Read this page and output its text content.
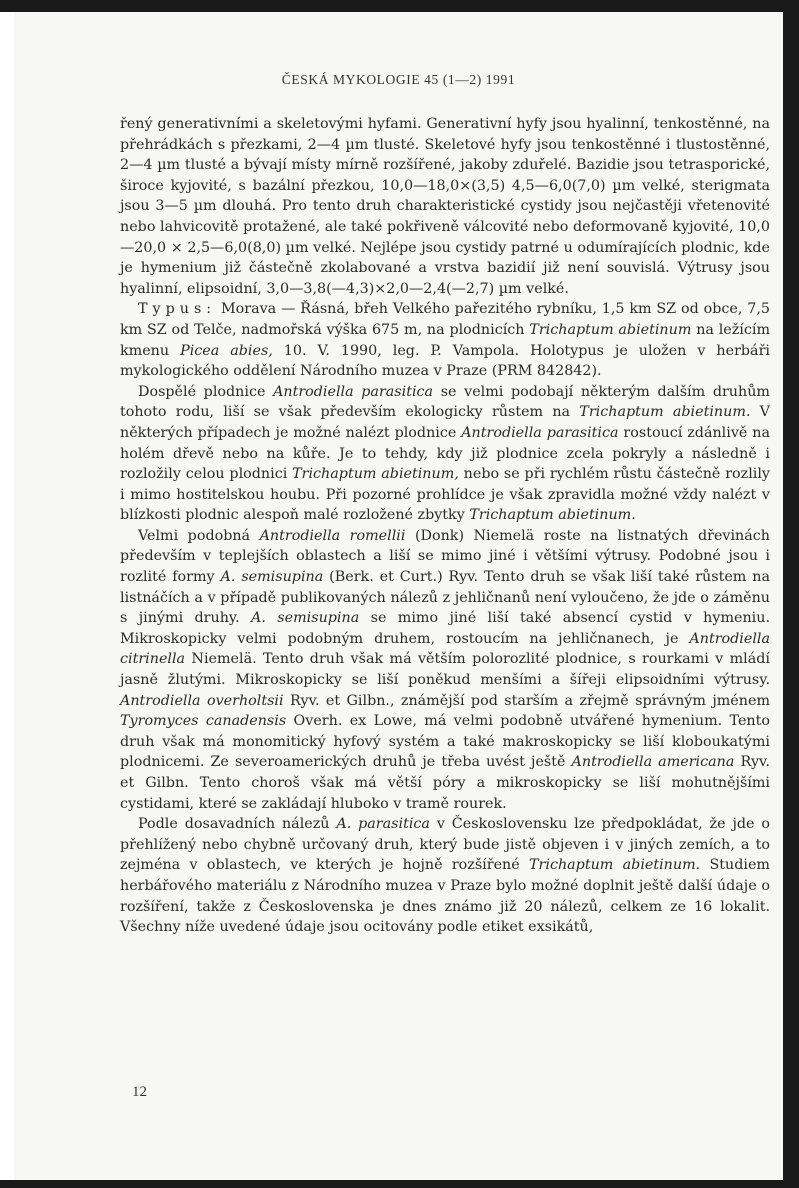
ČESKÁ MYKOLOGIE 45 (1—2) 1991

řený generativními a skeletovými hyfami. Generativní hyfy jsou hyalinní, tenkostěnné, na přehrádkách s přezkami, 2—4 µm tlusté. Skeletové hyfy jsou tenkostěnné i tlustostěnné, 2—4 µm tlusté a bývají místy mírně rozšířené, jakoby zduřelé. Bazidie jsou tetrasporické, široce kyjovité, s bazální přezkou, 10,0—18,0×(3,5) 4,5—6,0(7,0) µm velké, sterigmata jsou 3—5 µm dlouhá. Pro tento druh charakteristické cystidy jsou nejčastěji vřetenovité nebo lahvicovitě protažené, ale také pokřiveně válcovité nebo deformovaně kyjovité, 10,0—20,0 × 2,5—6,0(8,0) µm velké. Nejlépe jsou cystidy patrné u odumírajících plodnic, kde je hymenium již částečně zkolabované a vrstva bazidií již není souvislá. Výtrusy jsou hyalinní, elipsoidní, 3,0—3,8(—4,3)×2,0—2,4(—2,7) µm velké.

Typus: Morava — Řásná, břeh Velkého pařezitého rybníku, 1,5 km SZ od obce, 7,5 km SZ od Telče, nadmořská výška 675 m, na plodnicích Trichaptum abietinum na ležícím kmenu Picea abies, 10. V. 1990, leg. P. Vampola. Holotypus je uložen v herbáři mykologického oddělení Národního muzea v Praze (PRM 842842).

Dospělé plodnice Antrodiella parasitica se velmi podobají některým dalším druhům tohoto rodu, liší se však především ekologicky růstem na Trichaptum abietinum. V některých případech je možné nalézt plodnice Antrodiella parasitica rostoucí zdánlivě na holém dřevě nebo na kůře. Je to tehdy, kdy již plodnice zcela pokryly a následně i rozložily celou plodnici Trichaptum abietinum, nebo se při rychlém růstu částečně rozlily i mimo hostitelskou houbu. Při pozorné prohlídce je však zpravidla možné vždy nalézt v blízkosti plodnic alespoň malé rozložené zbytky Trichaptum abietinum.

Velmi podobná Antrodiella romellii (Donk) Niemelä roste na listnatých dřevinách především v teplejších oblastech a liší se mimo jiné i většími výtrusy. Podobné jsou i rozlité formy A. semisupina (Berk. et Curt.) Ryv. Tento druh se však liší také růstem na listnáčích a v případě publikovaných nálezů z jehličnanů není vyloučeno, že jde o záměnu s jinými druhy. A. semisupina se mimo jiné liší také absencí cystid v hymeniu. Mikroskopicky velmi podobným druhem, rostoucím na jehličnanech, je Antrodiella citrinella Niemelä. Tento druh však má větším polorozlité plodnice, s rourkami v mládí jasně žlutými. Mikroskopicky se liší poněkud menšími a šířeji elipsoidními výtrusy. Antrodiella overholtsii Ryv. et Gilbn., známější pod starším a zřejmě správným jménem Tyromyces canadensis Overh. ex Lowe, má velmi podobně utvářené hymenium. Tento druh však má monomitický hyfový systém a také makroskopicky se liší kloboukatými plodnicemi. Ze severoamerických druhů je třeba uvést ještě Antrodiella americana Ryv. et Gilbn. Tento choroš však má větší póry a mikroskopicky se liší mohutnějšími cystidami, které se zakládají hluboko v tramě rourek.

Podle dosavadních nálezů A. parasitica v Československu lze předpokládat, že jde o přehlížený nebo chybně určovaný druh, který bude jistě objeven i v jiných zemích, a to zejména v oblastech, ve kterých je hojně rozšířené Trichaptum abietinum. Studiem herbářového materiálu z Národního muzea v Praze bylo možné doplnit ještě další údaje o rozšíření, takže z Československa je dnes známo již 20 nálezů, celkem ze 16 lokalit. Všechny níže uvedené údaje jsou ocitovány podle etiket exsikátů,

12
